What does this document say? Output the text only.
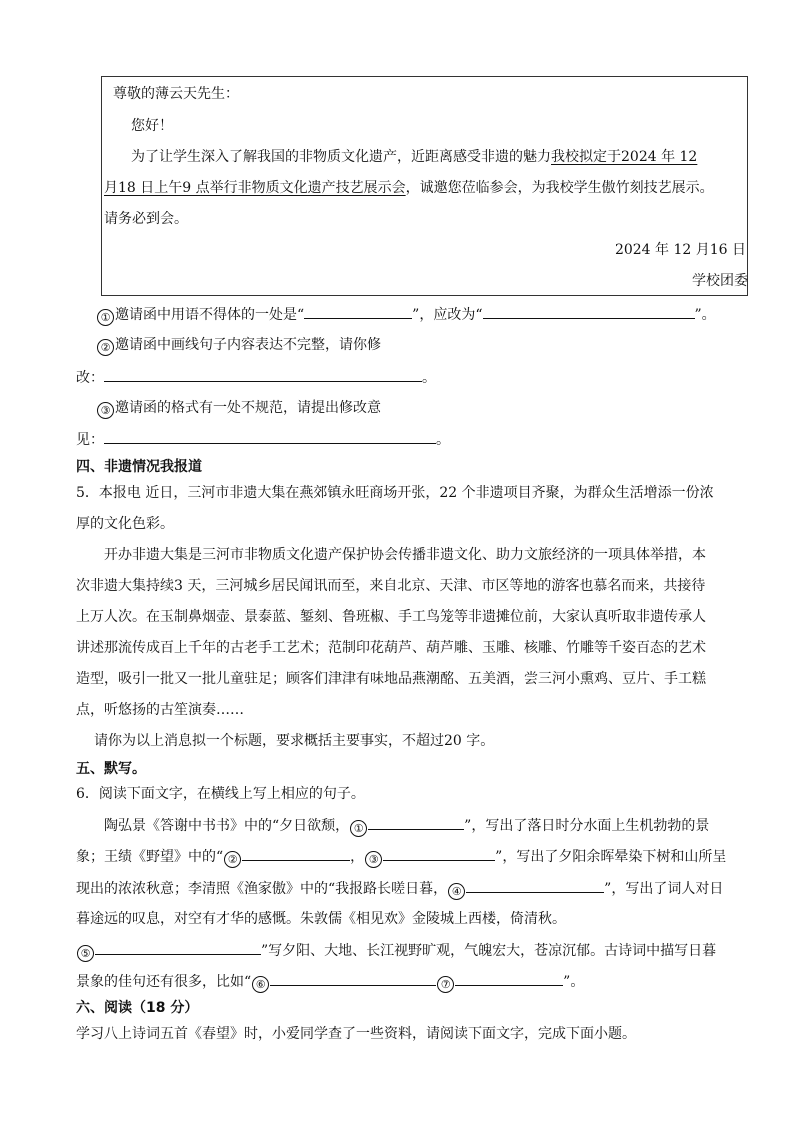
尊敬的薄云天先生：
您好！
为了让学生深入了解我国的非物质文化遗产，近距离感受非遗的魅力我校拟定于2024 年 12
月18 日上午9 点举行非物质文化遗产技艺展示会，诚邀您莅临参会，为我校学生傲竹刻技艺展示。
请务必到会。
2024 年 12 月16 日
学校团委
① 邀请函中用语不得体的一处是“	”，应改为“	”。
② 邀请函中画线句子内容表达不完整，请你修
改：	。
③ 邀请函的格式有一处不规范，请提出修改意
见：	。
四、非遗情况我报道
5．本报电 近日，三河市非遗大集在燕郊镇永旺商场开张，22 个非遗项目齐聚，为群众生活增添一份浓
厚的文化色彩。
开办非遗大集是三河市非物质文化遗产保护协会传播非遗文化、助力文旅经济的一项具体举措，本
次非遗大集持续3 天，三河城乡居民闻讯而至，来自北京、天津、市区等地的游客也慕名而来，共接待
上万人次。在玉制鼻烟壶、景泰蓝、錾刻、鲁班椒、手工鸟笼等非遗摊位前，大家认真听取非遗传承人
讲述那流传成百上千年的古老手工艺术；范制印花葫芦、葫芦雕、玉雕、核雕、竹雕等千姿百态的艺术
造型，吸引一批又一批儿童驻足；顾客们津津有味地品燕潮酩、五美酒，尝三河小熏鸡、豆片、手工糕
点，听悠扬的古笙演奏……
请你为以上消息拟一个标题，要求概括主要事实，不超过20 字。
五、默写。
6．阅读下面文字，在横线上写上相应的句子。
陶弘景《答谢中书书》中的“夕日欲颓， ①	”，写出了落日时分水面上生机勃勃的景
象；王绩《野望》中的“ ②	， ③	”，写出了夕阳余晖晕染下树和山所呈
现出的浓浓秋意；李清照《渔家傲》中的“我报路长嗟日暮， ④	”，写出了词人对日
暮途远的叹息，对空有才华的感慨。朱敦儒《相见欢》金陵城上西楼，倚清秋。
⑤	”写夕阳、大地、长江视野旷观，气魄宏大，苍凉沉郁。古诗词中描写日暮
景象的佳句还有很多，比如“ ⑥	⑦	”。
六、阅读（18 分）
学习八上诗词五首《春望》时，小爱同学查了一些资料，请阅读下面文字，完成下面小题。
